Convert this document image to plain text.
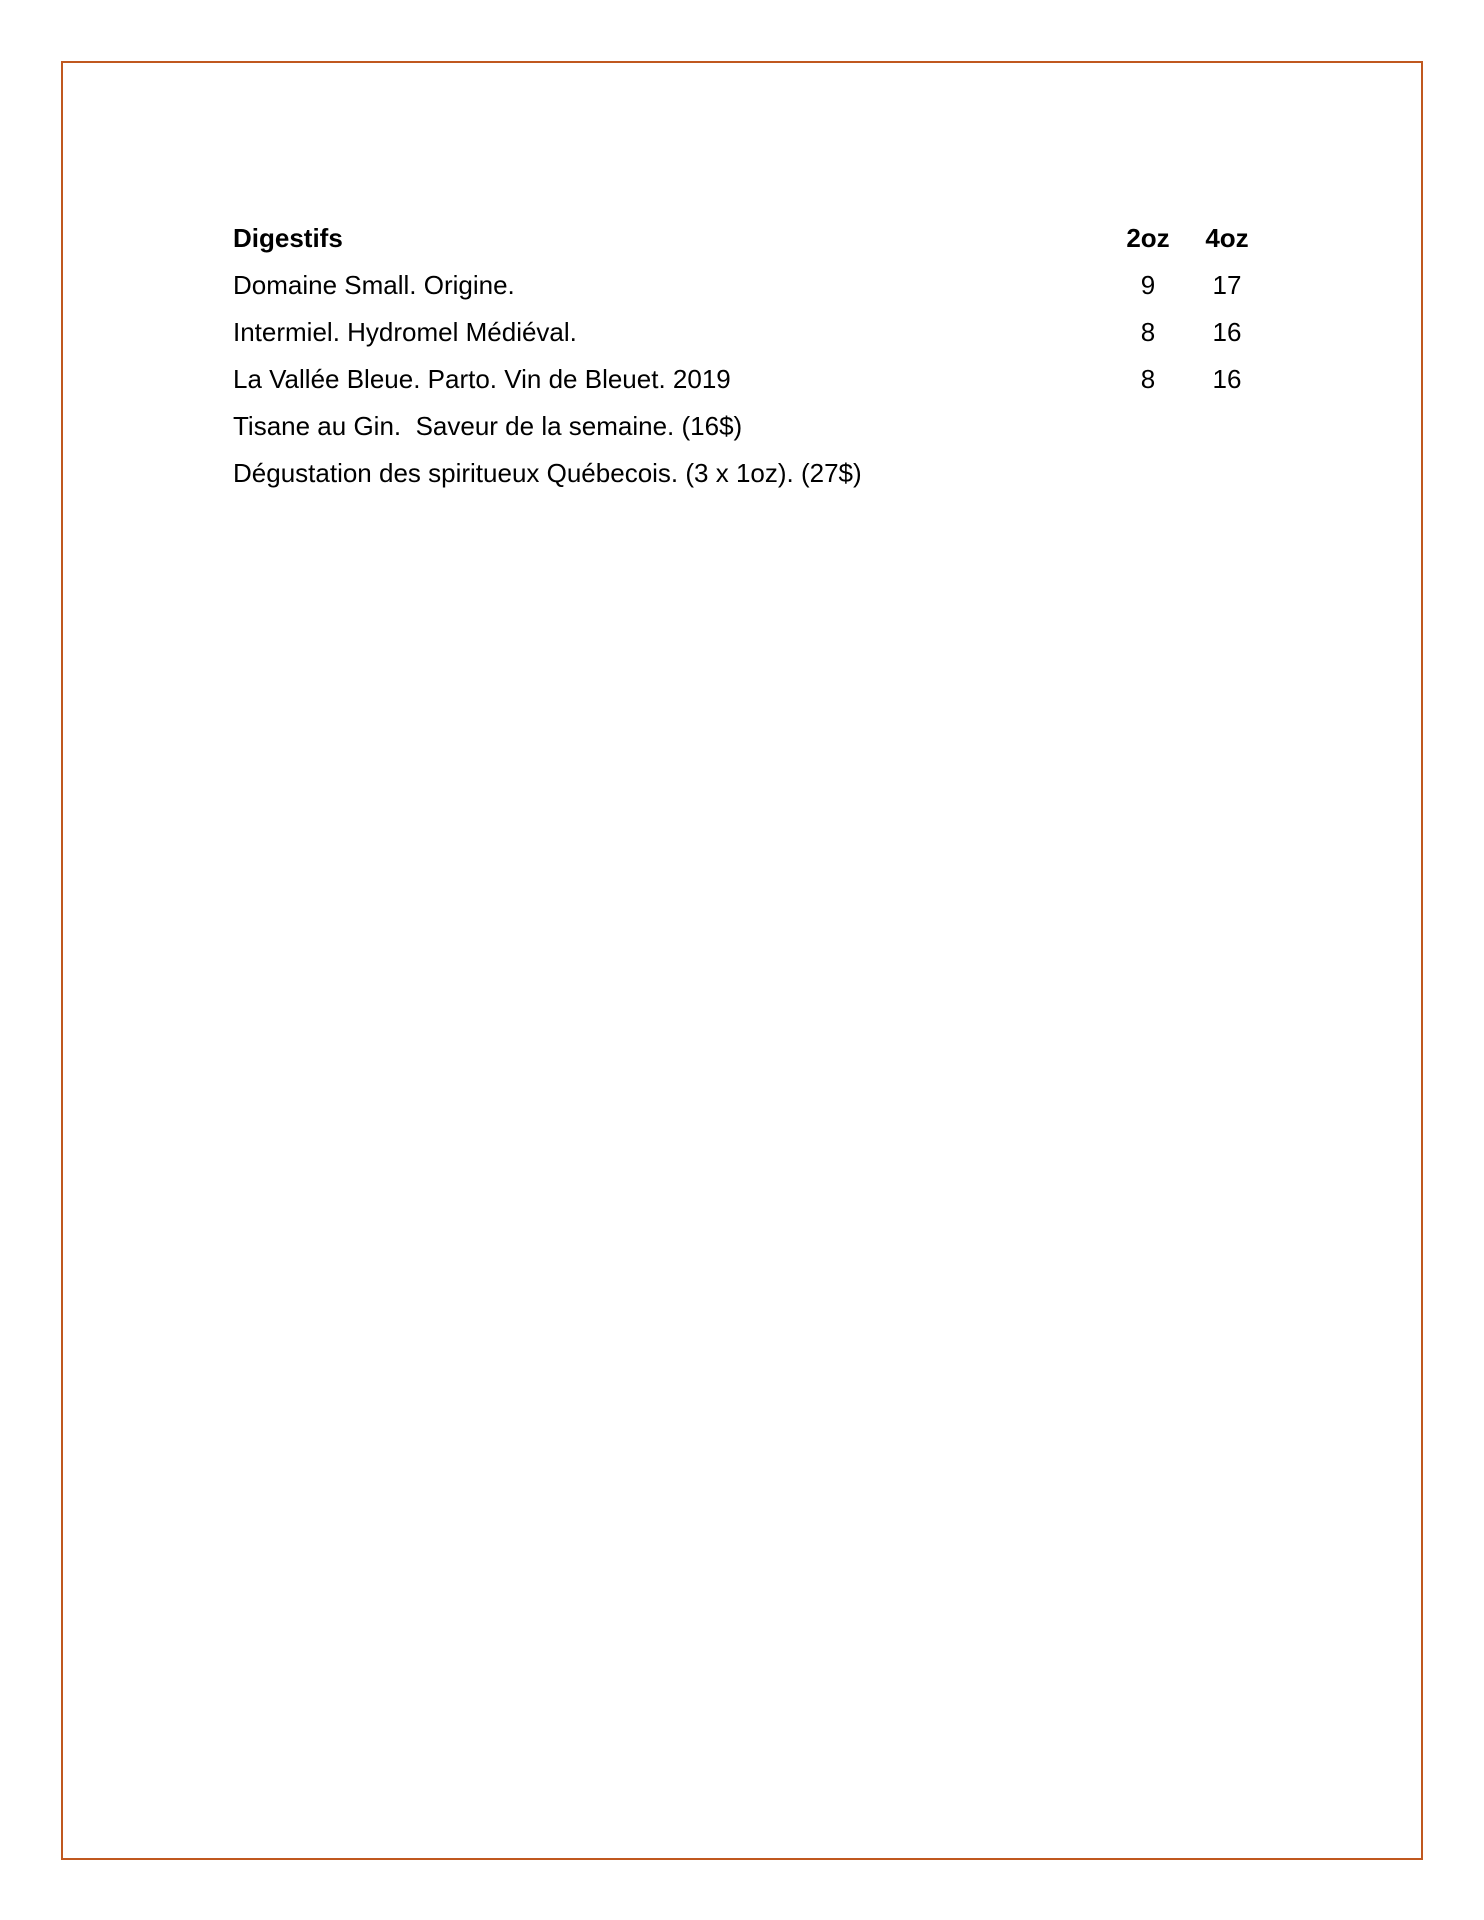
Digestifs	2oz	4oz
Domaine Small. Origine.	9	17
Intermiel. Hydromel Médiéval.	8	16
La Vallée Bleue. Parto. Vin de Bleuet. 2019	8	16
Tisane au Gin.  Saveur de la semaine. (16$)
Dégustation des spiritueux Québecois. (3 x 1oz). (27$)
